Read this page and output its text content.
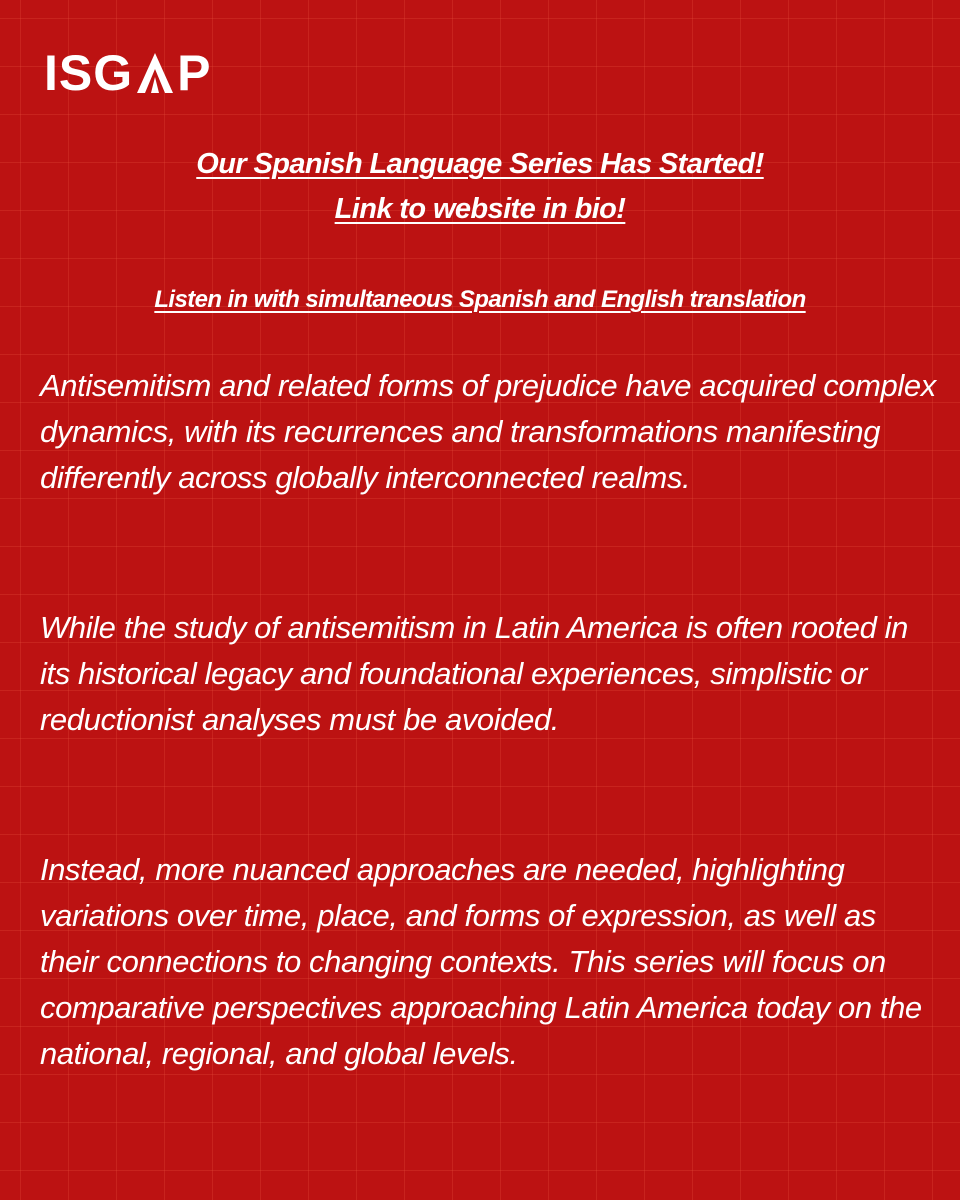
ISG P
Our Spanish Language Series Has Started!
Link to website in bio!
Listen in with simultaneous Spanish and English translation

Antisemitism and related forms of prejudice have acquired complex dynamics, with its recurrences and transformations manifesting differently across globally interconnected realms.

While the study of antisemitism in Latin America is often rooted in its historical legacy and foundational experiences, simplistic or reductionist analyses must be avoided.

Instead, more nuanced approaches are needed, highlighting variations over time, place, and forms of expression, as well as their connections to changing contexts. This series will focus on comparative perspectives approaching Latin America today on the national, regional, and global levels.
